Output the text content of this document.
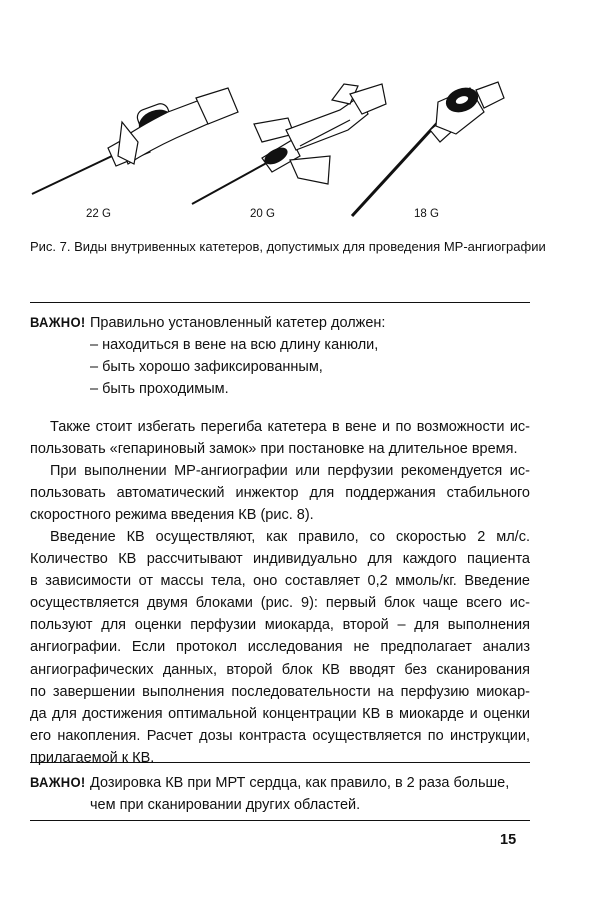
22 G	20 G	18 G
Рис. 7. Виды внутривенных катетеров, допустимых для проведения МР-ангиографии
ВАЖНО! Правильно установленный катетер должен:
– находиться в вене на всю длину канюли,
– быть хорошо зафиксированным,
– быть проходимым.
Также стоит избегать перегиба катетера в вене и по возможности ис-
пользовать «гепариновый замок» при постановке на длительное время.
При выполнении МР-ангиографии или перфузии рекомендуется ис-
пользовать автоматический инжектор для поддержания стабильного
скоростного режима введения КВ (рис. 8).
Введение КВ осуществляют, как правило, со скоростью 2 мл/с.
Количество КВ рассчитывают индивидуально для каждого пациента
в зависимости от массы тела, оно составляет 0,2 ммоль/кг. Введение
осуществляется двумя блоками (рис. 9): первый блок чаще всего ис-
пользуют для оценки перфузии миокарда, второй – для выполнения
ангиографии. Если протокол исследования не предполагает анализ
ангиографических данных, второй блок КВ вводят без сканирования
по завершении выполнения последовательности на перфузию миокар-
да для достижения оптимальной концентрации КВ в миокарде и оценки
его накопления. Расчет дозы контраста осуществляется по инструкции,
прилагаемой к КВ.
ВАЖНО! Дозировка КВ при МРТ сердца, как правило, в 2 раза больше,
чем при сканировании других областей.
15
